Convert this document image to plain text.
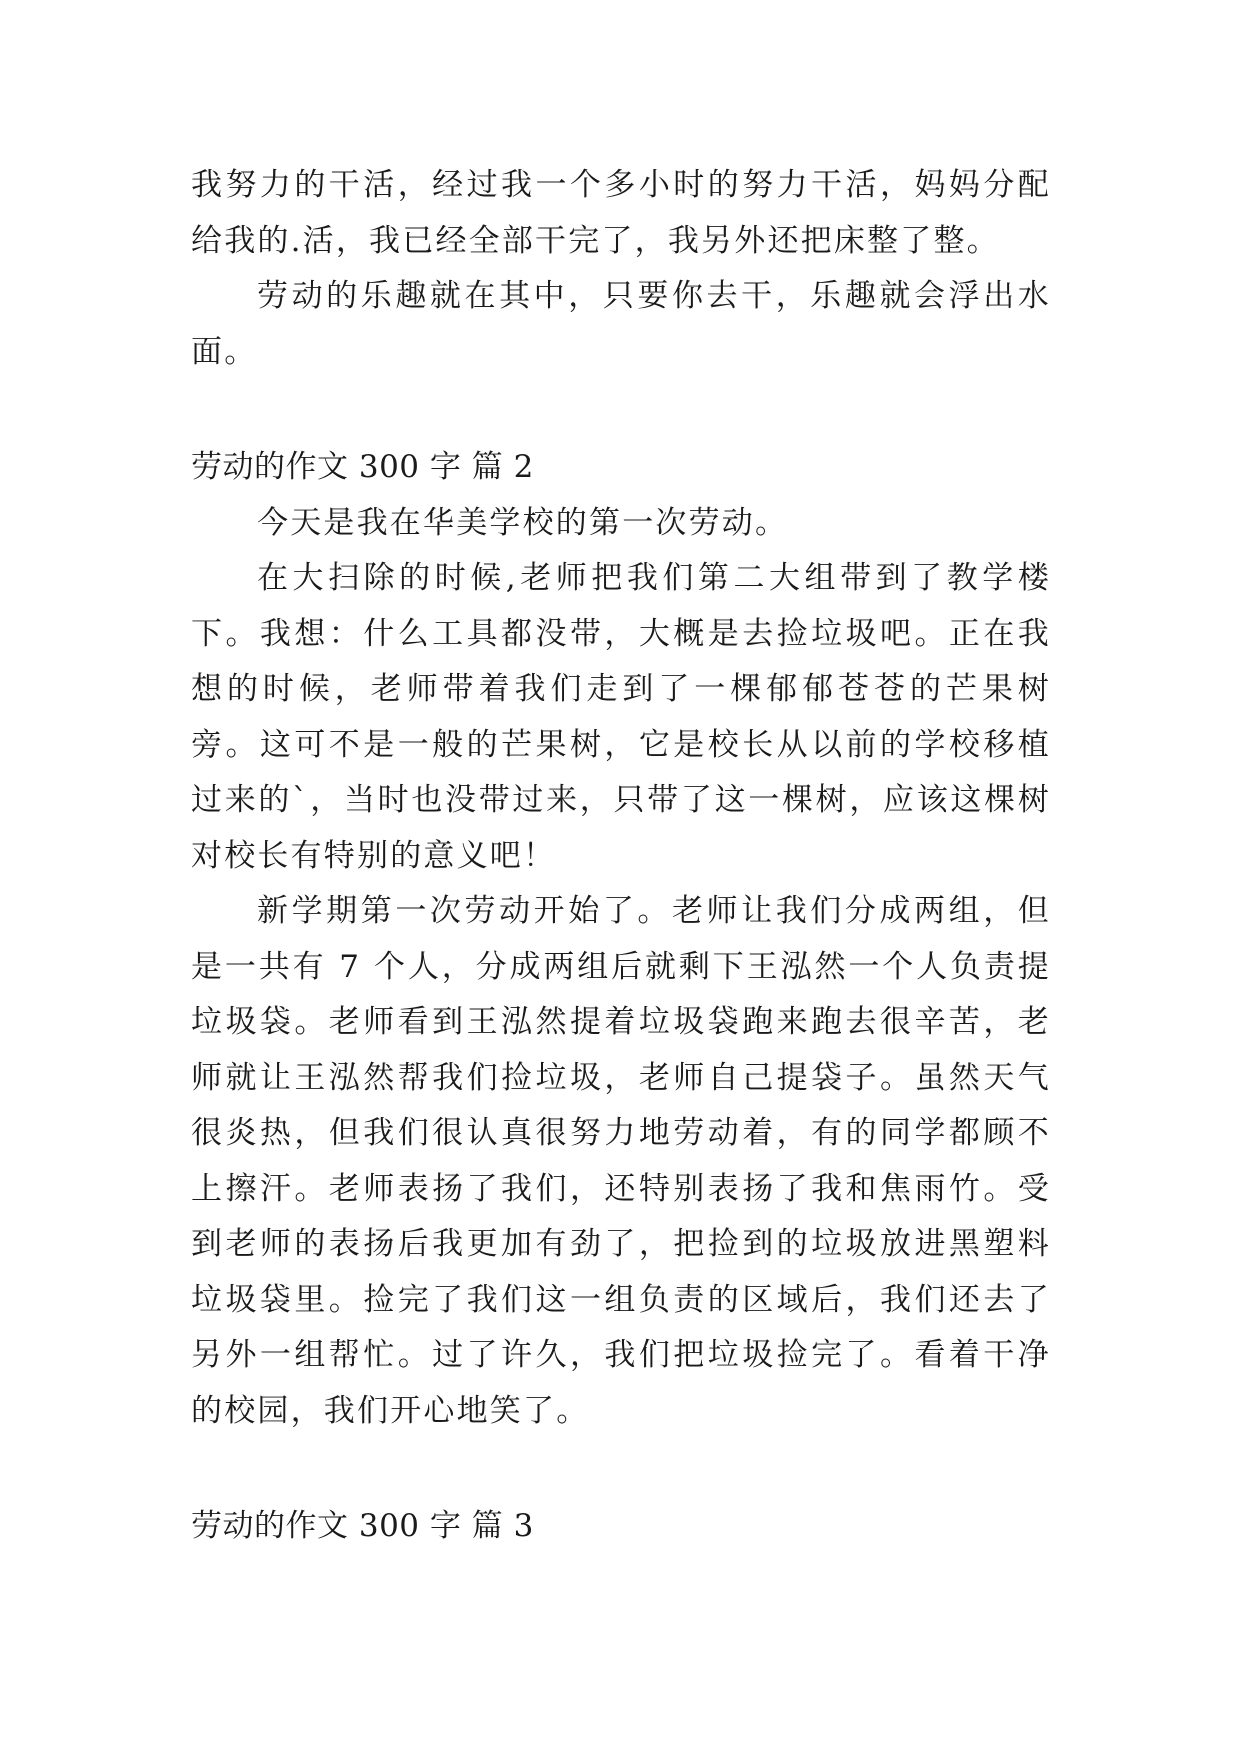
我努力的干活，经过我一个多小时的努力干活，妈妈分配给我的.活，我已经全部干完了，我另外还把床整了整。

劳动的乐趣就在其中，只要你去干，乐趣就会浮出水面。

劳动的作文 300 字 篇 2

今天是我在华美学校的第一次劳动。

在大扫除的时候,老师把我们第二大组带到了教学楼下。我想：什么工具都没带，大概是去捡垃圾吧。正在我想的时候，老师带着我们走到了一棵郁郁苍苍的芒果树旁。这可不是一般的芒果树，它是校长从以前的学校移植过来的`，当时也没带过来，只带了这一棵树，应该这棵树对校长有特别的意义吧！

新学期第一次劳动开始了。老师让我们分成两组，但是一共有 7 个人，分成两组后就剩下王泓然一个人负责提垃圾袋。老师看到王泓然提着垃圾袋跑来跑去很辛苦，老师就让王泓然帮我们捡垃圾，老师自己提袋子。虽然天气很炎热，但我们很认真很努力地劳动着，有的同学都顾不上擦汗。老师表扬了我们，还特别表扬了我和焦雨竹。受到老师的表扬后我更加有劲了，把捡到的垃圾放进黑塑料垃圾袋里。捡完了我们这一组负责的区域后，我们还去了另外一组帮忙。过了许久，我们把垃圾捡完了。看着干净的校园，我们开心地笑了。

劳动的作文 300 字 篇 3
